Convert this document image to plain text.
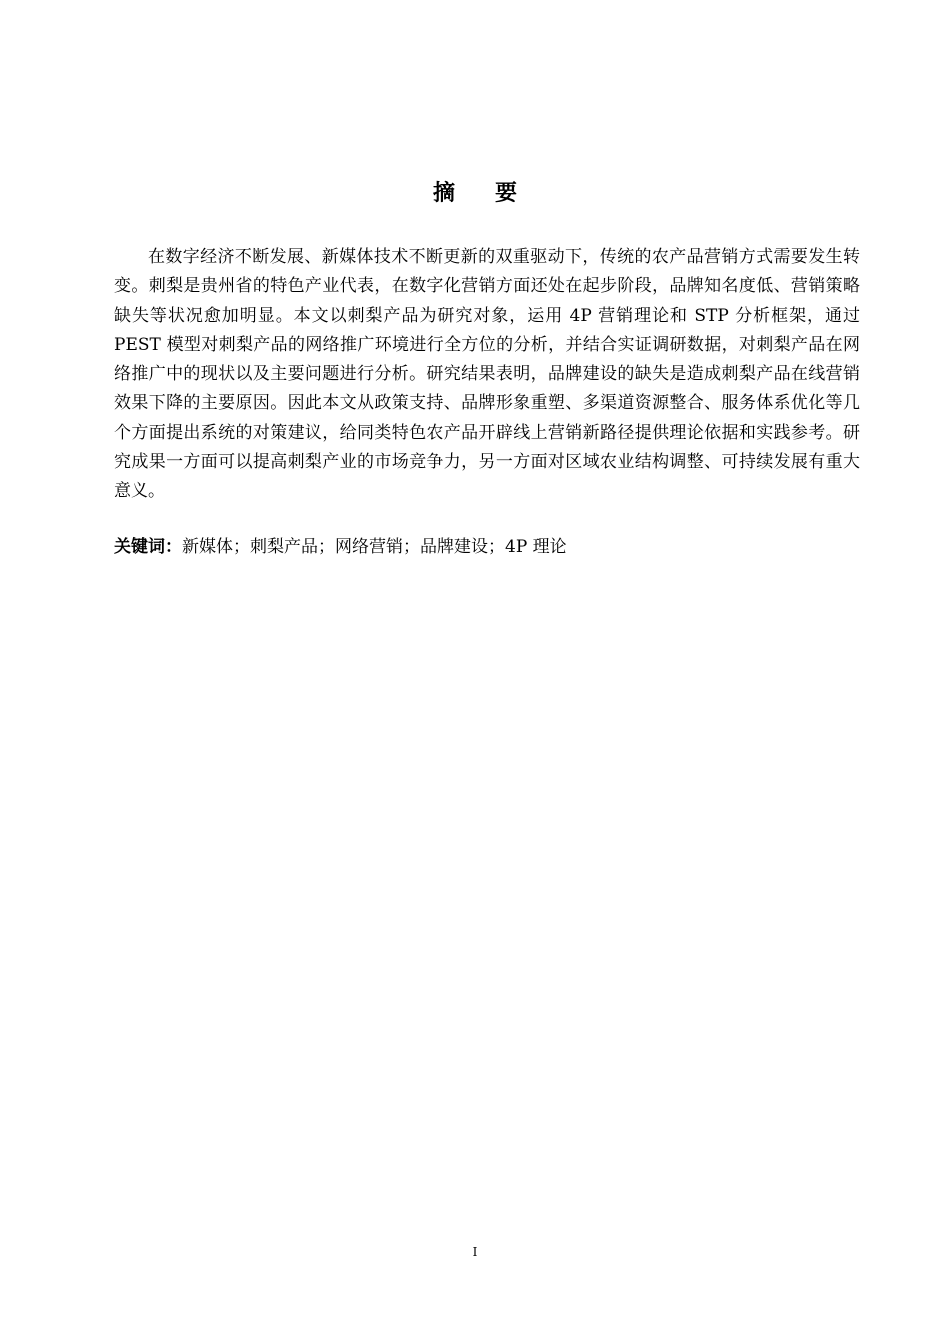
摘要

在数字经济不断发展、新媒体技术不断更新的双重驱动下，传统的农产品营销方式需要发生转变。刺梨是贵州省的特色产业代表，在数字化营销方面还处在起步阶段，品牌知名度低、营销策略缺失等状况愈加明显。本文以刺梨产品为研究对象，运用 4P 营销理论和 STP 分析框架，通过 PEST 模型对刺梨产品的网络推广环境进行全方位的分析，并结合实证调研数据，对刺梨产品在网络推广中的现状以及主要问题进行分析。研究结果表明，品牌建设的缺失是造成刺梨产品在线营销效果下降的主要原因。因此本文从政策支持、品牌形象重塑、多渠道资源整合、服务体系优化等几个方面提出系统的对策建议，给同类特色农产品开辟线上营销新路径提供理论依据和实践参考。研究成果一方面可以提高刺梨产业的市场竞争力，另一方面对区域农业结构调整、可持续发展有重大意义。

关键词：新媒体；刺梨产品；网络营销；品牌建设；4P 理论

I
